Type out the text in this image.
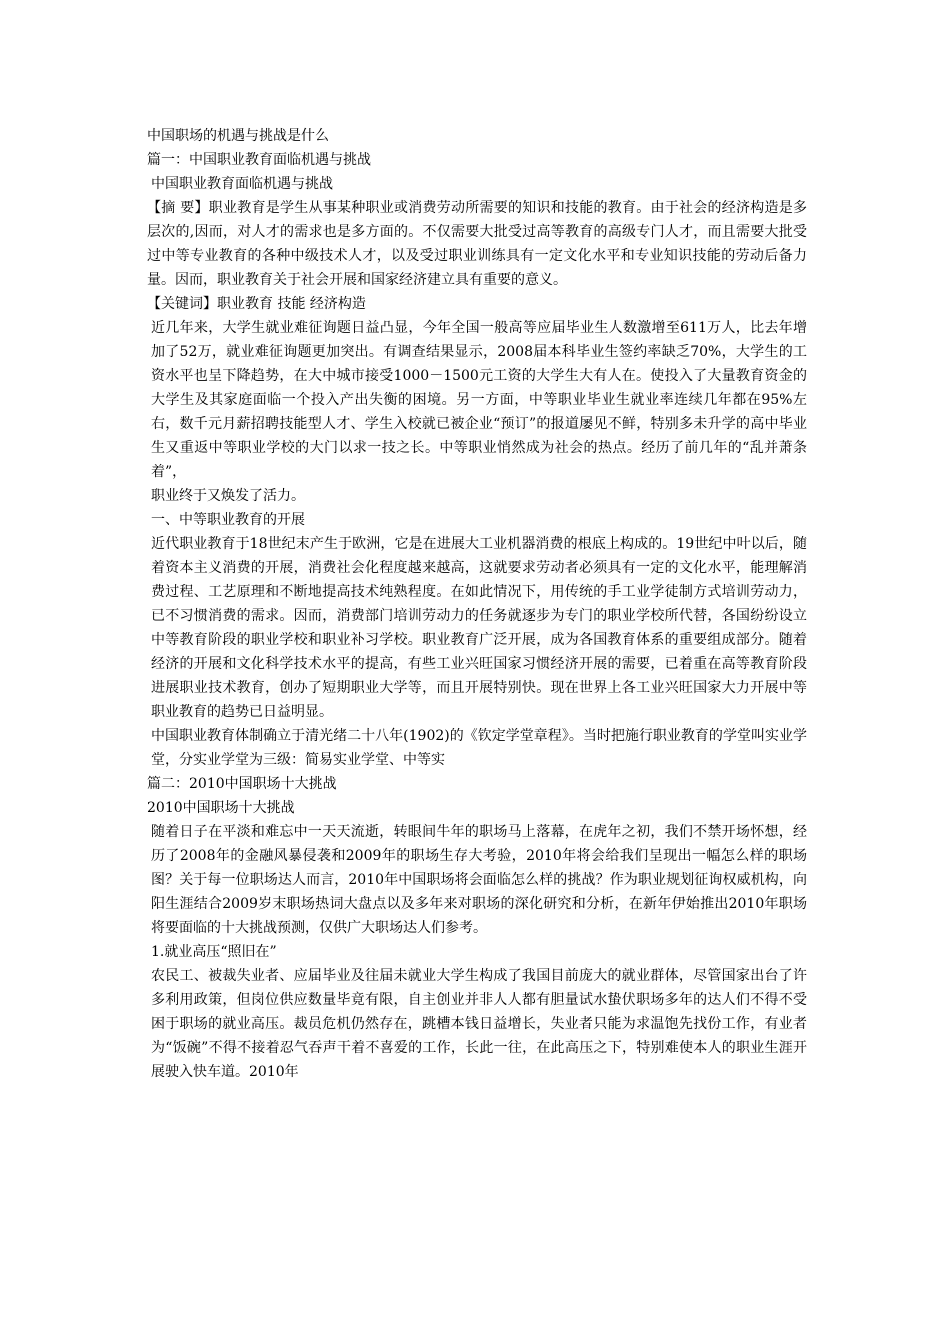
中国职场的机遇与挑战是什么

篇一：中国职业教育面临机遇与挑战

中国职业教育面临机遇与挑战

【摘 要】职业教育是学生从事某种职业或消费劳动所需要的知识和技能的教育。由于社会的经济构造是多层次的,因而，对人才的需求也是多方面的。不仅需要大批受过高等教育的高级专门人才，而且需要大批受过中等专业教育的各种中级技术人才，以及受过职业训练具有一定文化水平和专业知识技能的劳动后备力量。因而，职业教育关于社会开展和国家经济建立具有重要的意义。

【关键词】职业教育 技能 经济构造

近几年来，大学生就业难征询题日益凸显，今年全国一般高等应届毕业生人数激增至611万人，比去年增加了52万，就业难征询题更加突出。有调查结果显示，2008届本科毕业生签约率缺乏70%，大学生的工资水平也呈下降趋势，在大中城市接受1000－1500元工资的大学生大有人在。使投入了大量教育资金的大学生及其家庭面临一个投入产出失衡的困境。另一方面，中等职业毕业生就业率连续几年都在95%左右，数千元月薪招聘技能型人才、学生入校就已被企业“预订”的报道屡见不鲜，特别多未升学的高中毕业生又重返中等职业学校的大门以求一技之长。中等职业悄然成为社会的热点。经历了前几年的“乱并萧条着”，

职业终于又焕发了活力。

一、中等职业教育的开展

近代职业教育于18世纪末产生于欧洲，它是在进展大工业机器消费的根底上构成的。19世纪中叶以后，随着资本主义消费的开展，消费社会化程度越来越高，这就要求劳动者必须具有一定的文化水平，能理解消费过程、工艺原理和不断地提高技术纯熟程度。在如此情况下，用传统的手工业学徒制方式培训劳动力，已不习惯消费的需求。因而，消费部门培训劳动力的任务就逐步为专门的职业学校所代替，各国纷纷设立中等教育阶段的职业学校和职业补习学校。职业教育广泛开展，成为各国教育体系的重要组成部分。随着经济的开展和文化科学技术水平的提高，有些工业兴旺国家习惯经济开展的需要，已着重在高等教育阶段进展职业技术教育，创办了短期职业大学等，而且开展特别快。现在世界上各工业兴旺国家大力开展中等职业教育的趋势已日益明显。

中国职业教育体制确立于清光绪二十八年(1902)的《钦定学堂章程》。当时把施行职业教育的学堂叫实业学堂，分实业学堂为三级：简易实业学堂、中等实

篇二：2010中国职场十大挑战

2010中国职场十大挑战

随着日子在平淡和难忘中一天天流逝，转眼间牛年的职场马上落幕，在虎年之初，我们不禁开场怀想，经历了2008年的金融风暴侵袭和2009年的职场生存大考验，2010年将会给我们呈现出一幅怎么样的职场图？关于每一位职场达人而言，2010年中国职场将会面临怎么样的挑战？作为职业规划征询权威机构，向阳生涯结合2009岁末职场热词大盘点以及多年来对职场的深化研究和分析，在新年伊始推出2010年职场将要面临的十大挑战预测，仅供广大职场达人们参考。

1.就业高压“照旧在”

农民工、被裁失业者、应届毕业及往届未就业大学生构成了我国目前庞大的就业群体，尽管国家出台了许多利用政策，但岗位供应数量毕竟有限，自主创业并非人人都有胆量试水蛰伏职场多年的达人们不得不受困于职场的就业高压。裁员危机仍然存在，跳槽本钱日益增长，失业者只能为求温饱先找份工作，有业者为“饭碗”不得不接着忍气吞声干着不喜爱的工作，长此一往，在此高压之下，特别难使本人的职业生涯开展驶入快车道。2010年
